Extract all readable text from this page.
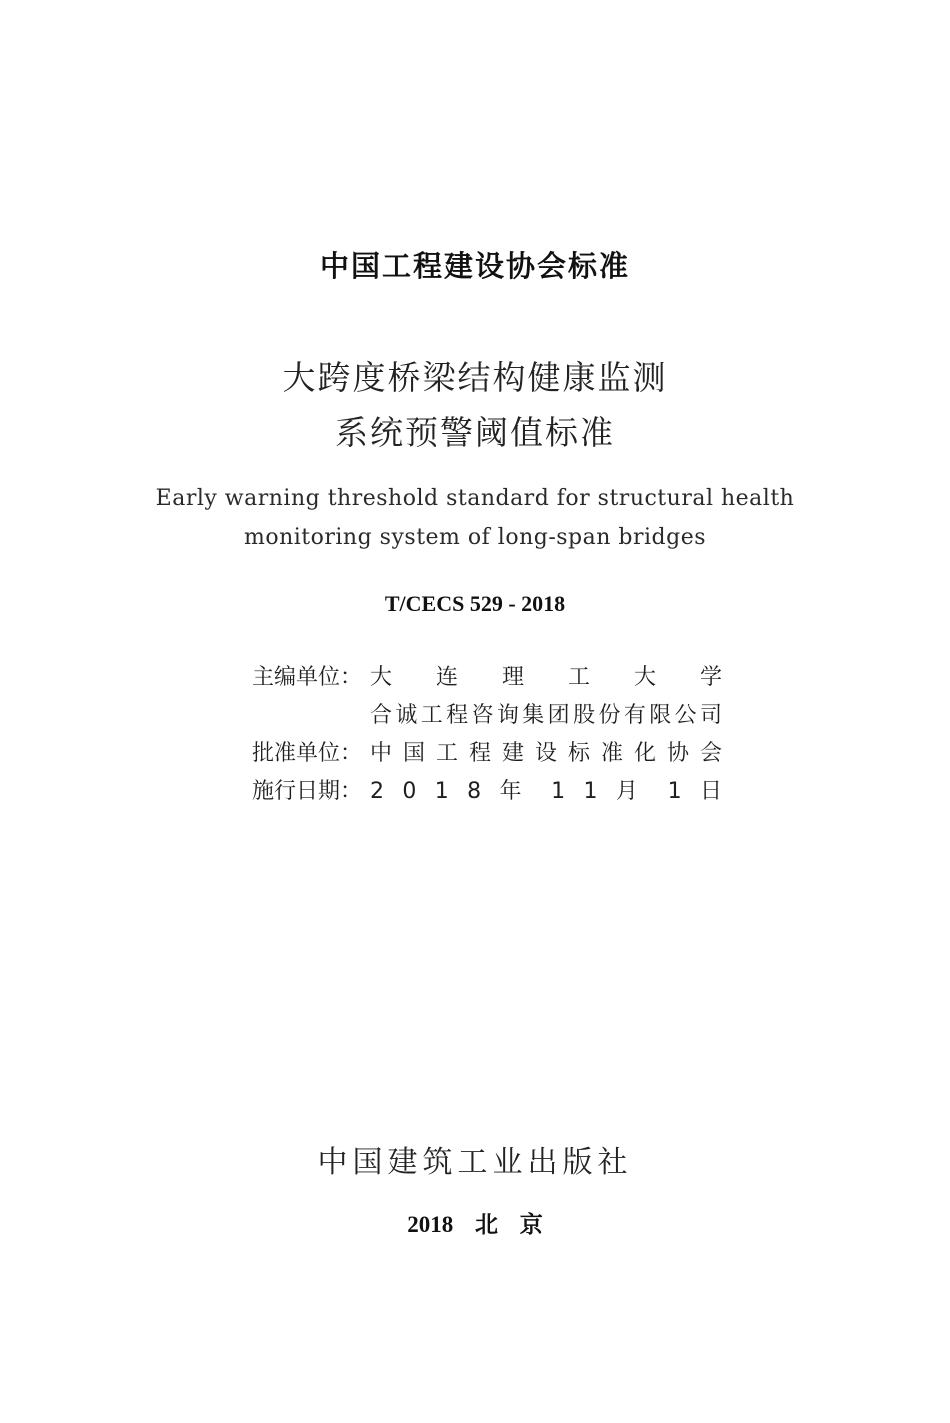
中国工程建设协会标准
大跨度桥梁结构健康监测
系统预警阈值标准
Early warning threshold standard for structural health
monitoring system of long-span bridges
T/CECS 529 - 2018
主编单位： 大 连 理 工 大 学
合诚工程咨询集团股份有限公司
批准单位： 中国工程建设标准化协会
施行日期： 2 0 1 8 年 1 1 月 1 日
中国建筑工业出版社
2018 北 京
